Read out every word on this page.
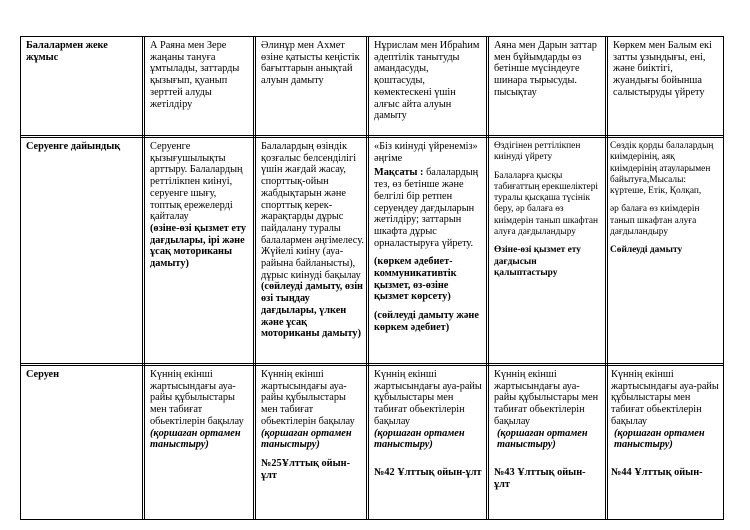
Балалармен жеке жұмыс
А Раяна мен Зере жаңаны тануға ұмтылады, заттарды қызығып, қуанып зерттей алуды жетілдіру
Әлинұр мен Ахмет өзіне қатысты кеңістік бағыттарын анықтай алуын дамыту
Нұрислам мен Ибраһим әдептілік танытуды амандасуды, қоштасуды, көмектескені үшін алғыс айта алуын дамыту
Аяна мен Дарын заттар мен бұйымдарды өз бетінше мүсіндеуге шинара тырысуды. пысықтау
Көркем мен Балым екі затты ұзындығы, ені, және биіктігі, жуандығы бойынша салыстыруды үйрету
Серуенге дайындық	Серуенге қызығушылықты арттыру. Балалардың реттілікпен киінуі, серуенге шығу, топтық ережелерді қайталау

(өзіне-өзі қызмет ету дағдылары, ірі және ұсақ моториканы дамыту)

Балалардың өзіндік қозғалыс белсенділігі үшін жағдай жасау, спорттық-ойын жабдықтарын және спорттық керек-жарақтарды дұрыс пайдалану туралы балалармен әңгімелесу. Жүйелі киіну (ауа-райына байланысты), дұрыс киінуді бақылау

(сөйлеуді дамыту, өзін өзі тыңдау дағдылары, үлкен және ұсақ моториканы дамыту)

«Біз киінуді үйренеміз» әңгіме

Мақсаты : балалардың тез, өз бетінше және белгілі бір ретпен серуендеу дағдыларын жетілдіру; заттарын шкафта дұрыс орналастыруға үйрету.

(көркем әдебиет-коммуникативтік қызмет, өз-өзіне қызмет көрсету)

(сөйлеуді дамыту және көркем әдебиет)

Өздігінен реттілікпен киінуді үйрету

Балаларға қысқы табиғаттың ерекшеліктері туралы қысқаша түсінік беру, әр балаға өз киімдерін танып шкафтан алуға дағдыландыру

Өзіне-өзі қызмет ету дағдысын қалыптастыру

Сөздік қорды балалардың киімдерінің, аяқ киімдерінің атауларымен байытуға,Мысалы: күртеше, Етік, Қолқап,

әр балаға өз киімдерін танып шкафтан алуға дағдыландыру

Сөйлеуді дамыту

Серуен	Күннің екінші жартысындағы ауа-райы құбылыстары мен табиғат обьектілерін бақылау

(қоршаған ортамен таныстыру)

Күннің екінші жартысындағы ауа-райы құбылыстары мен табиғат обьектілерін бақылау

(қоршаған ортамен таныстыру)

№25Ұлттық ойын-ұлт

Күннің екінші жартысындағы ауа-райы құбылыстары мен табиғат обьектілерін бақылау

(қоршаған ортамен таныстыру)

№42 Ұлттық ойын-ұлт

Күннің екінші жартысындағы ауа-райы құбылыстары мен табиғат обьектілерін бақылау

(қоршаған ортамен таныстыру)

№43 Ұлттық ойын-ұлт

Күннің екінші жартысындағы ауа-райы құбылыстары мен табиғат обьектілерін бақылау

(қоршаған ортамен таныстыру)

№44 Ұлттық ойын-
